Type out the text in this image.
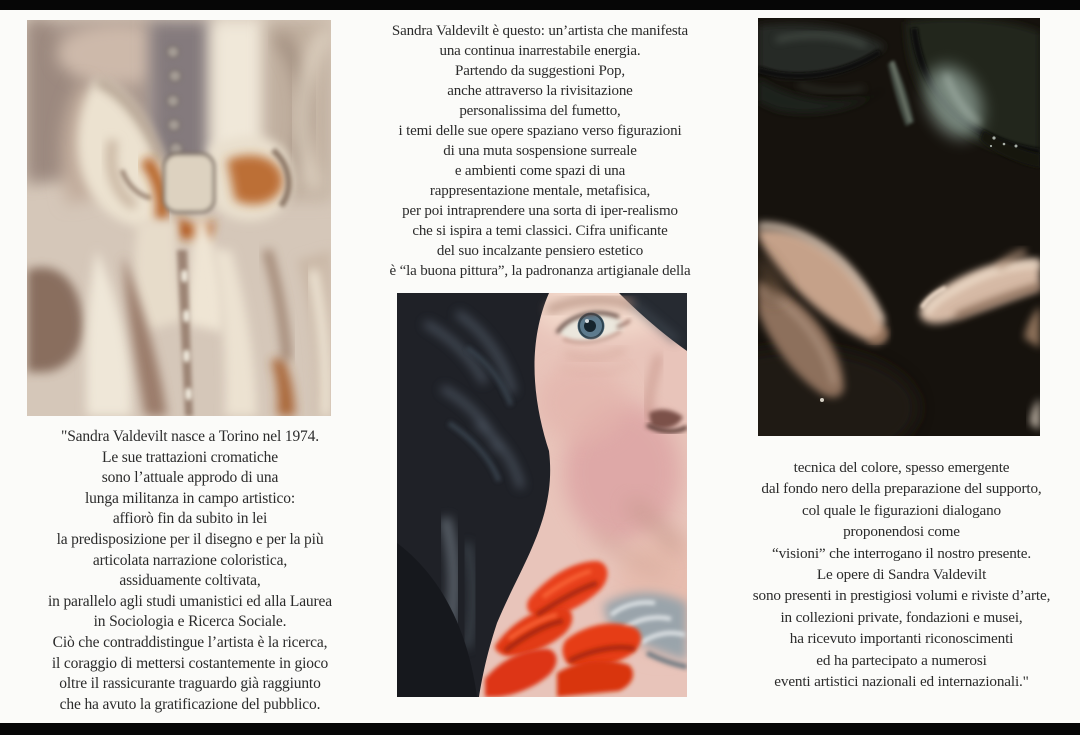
"Sandra Valdevilt nasce a Torino nel 1974.
Le sue trattazioni cromatiche
sono l’attuale approdo di una
lunga militanza in campo artistico:
affiorò fin da subito in lei
la predisposizione per il disegno e per la più
articolata narrazione coloristica,
assiduamente coltivata,
in parallelo agli studi umanistici ed alla Laurea
in Sociologia e Ricerca Sociale.
Ciò che contraddistingue l’artista è la ricerca,
il coraggio di mettersi costantemente in gioco
oltre il rassicurante traguardo già raggiunto
che ha avuto la gratificazione del pubblico.
Sandra Valdevilt è questo: un’artista che manifesta
una continua inarrestabile energia.
Partendo da suggestioni Pop,
anche attraverso la rivisitazione
personalissima del fumetto,
i temi delle sue opere spaziano verso figurazioni
di una muta sospensione surreale
e ambienti come spazi di una
rappresentazione mentale, metafisica,
per poi intraprendere una sorta di iper-realismo
che si ispira a temi classici. Cifra unificante
del suo incalzante pensiero estetico
è “la buona pittura”, la padronanza artigianale della
tecnica del colore, spesso emergente
dal fondo nero della preparazione del supporto,
col quale le figurazioni dialogano
proponendosi come
“visioni” che interrogano il nostro presente.
Le opere di Sandra Valdevilt
sono presenti in prestigiosi volumi e riviste d’arte,
in collezioni private, fondazioni e musei,
ha ricevuto importanti riconoscimenti
ed ha partecipato a numerosi
eventi artistici nazionali ed internazionali."
